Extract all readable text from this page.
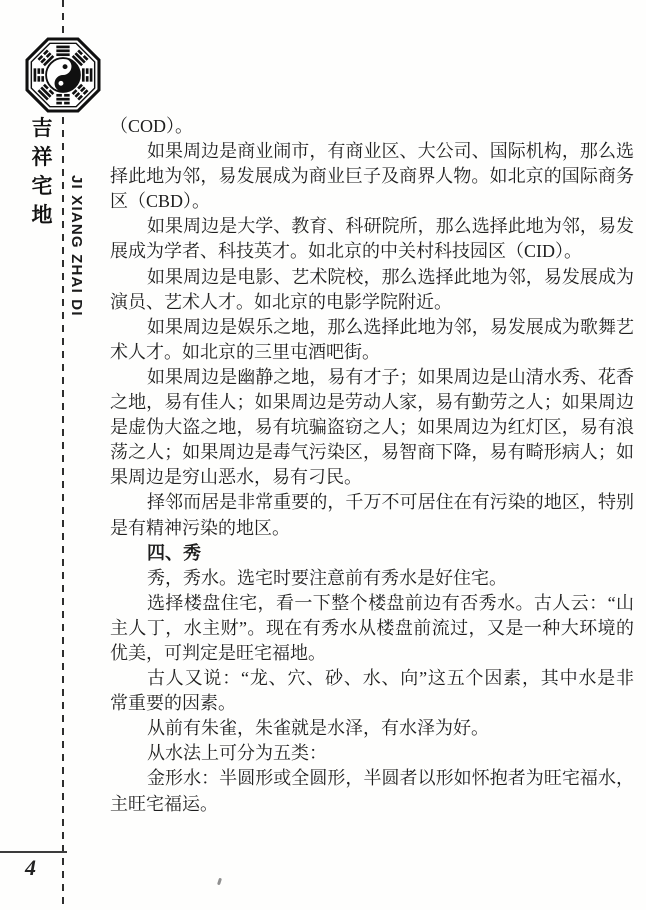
吉
祥
宅
地 JI XIANG ZHAI DI
（COD）。
如果周边是商业闹市，有商业区、大公司、国际机构，那么选
择此地为邻，易发展成为商业巨子及商界人物。如北京的国际商务
区（CBD）。
如果周边是大学、教育、科研院所，那么选择此地为邻，易发
展成为学者、科技英才。如北京的中关村科技园区（CID）。
如果周边是电影、艺术院校，那么选择此地为邻，易发展成为
演员、艺术人才。如北京的电影学院附近。
如果周边是娱乐之地，那么选择此地为邻，易发展成为歌舞艺
术人才。如北京的三里屯酒吧街。
如果周边是幽静之地，易有才子；如果周边是山清水秀、花香
之地，易有佳人；如果周边是劳动人家，易有勤劳之人；如果周边
是虚伪大盗之地，易有坑骗盗窃之人；如果周边为红灯区，易有浪
荡之人；如果周边是毒气污染区，易智商下降，易有畸形病人；如
果周边是穷山恶水，易有刁民。
择邻而居是非常重要的，千万不可居住在有污染的地区，特别
是有精神污染的地区。
四、秀
秀，秀水。选宅时要注意前有秀水是好住宅。
选择楼盘住宅，看一下整个楼盘前边有否秀水。古人云：“山
主人丁，水主财”。现在有秀水从楼盘前流过，又是一种大环境的
优美，可判定是旺宅福地。
古人又说：“龙、穴、砂、水、向”这五个因素，其中水是非
常重要的因素。
从前有朱雀，朱雀就是水泽，有水泽为好。
从水法上可分为五类：
金形水：半圆形或全圆形，半圆者以形如怀抱者为旺宅福水，
主旺宅福运。
4
